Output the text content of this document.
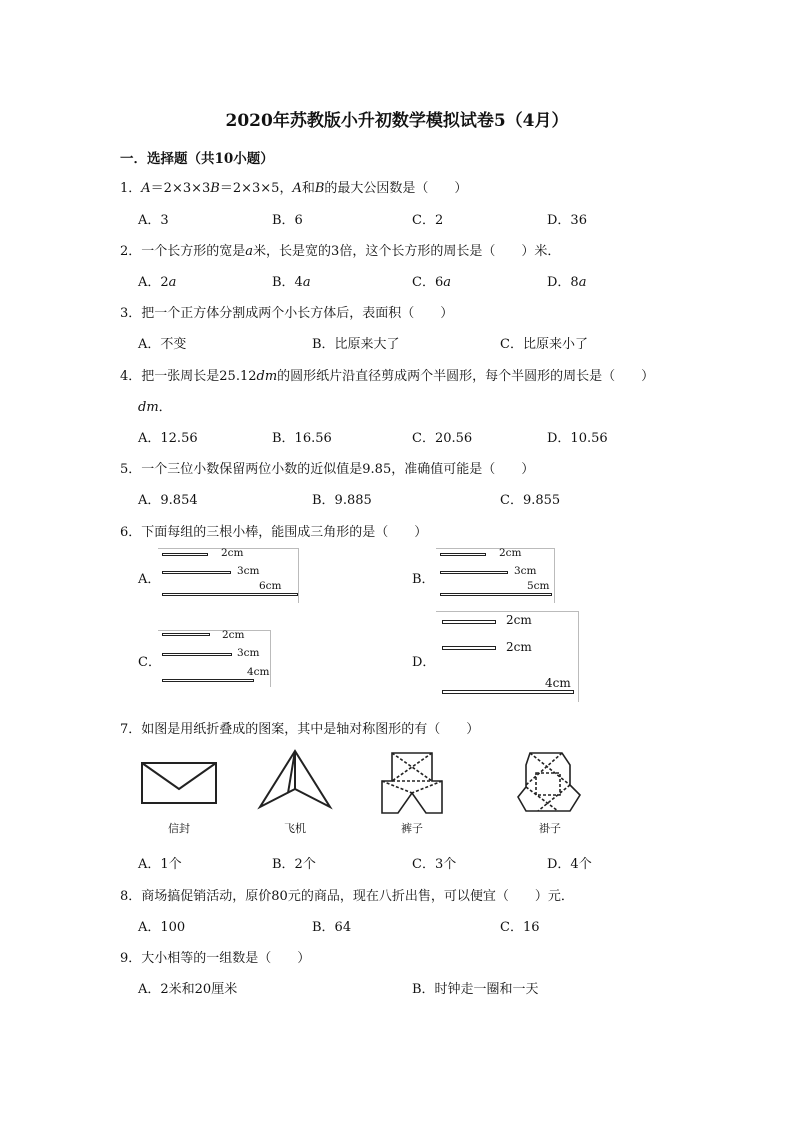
2020年苏教版小升初数学模拟试卷5（4月）
一．选择题（共10小题）
1．A＝2×3×3B＝2×3×5，A和B的最大公因数是（　　）
A．3	B．6	C．2	D．36
2．一个长方形的宽是a米，长是宽的3倍，这个长方形的周长是（　　）米．
A．2a	B．4a	C．6a	D．8a
3．把一个正方体分割成两个小长方体后，表面积（　　）
A．不变	B．比原来大了	C．比原来小了
4．把一张周长是25.12dm的圆形纸片沿直径剪成两个半圆形，每个半圆形的周长是（　　）
dm．
A．12.56	B．16.56	C．20.56	D．10.56
5．一个三位小数保留两位小数的近似值是9.85，准确值可能是（　　）
A．9.854	B．9.885	C．9.855
6．下面每组的三根小棒，能围成三角形的是（　　）
A．
2cm
3cm
6cm	B．
2cm
3cm
5cm
C．
2cm
3cm
4cm
D．
2cm
2cm
4cm
7．如图是用纸折叠成的图案，其中是轴对称图形的有（　　）
信封	飞机	裤子	褂子
A．1个	B．2个	C．3个	D．4个
8．商场搞促销活动，原价80元的商品，现在八折出售，可以便宜（　　）元．
A．100	B．64	C．16
9．大小相等的一组数是（　　）
A．2米和20厘米	B．时钟走一圈和一天
